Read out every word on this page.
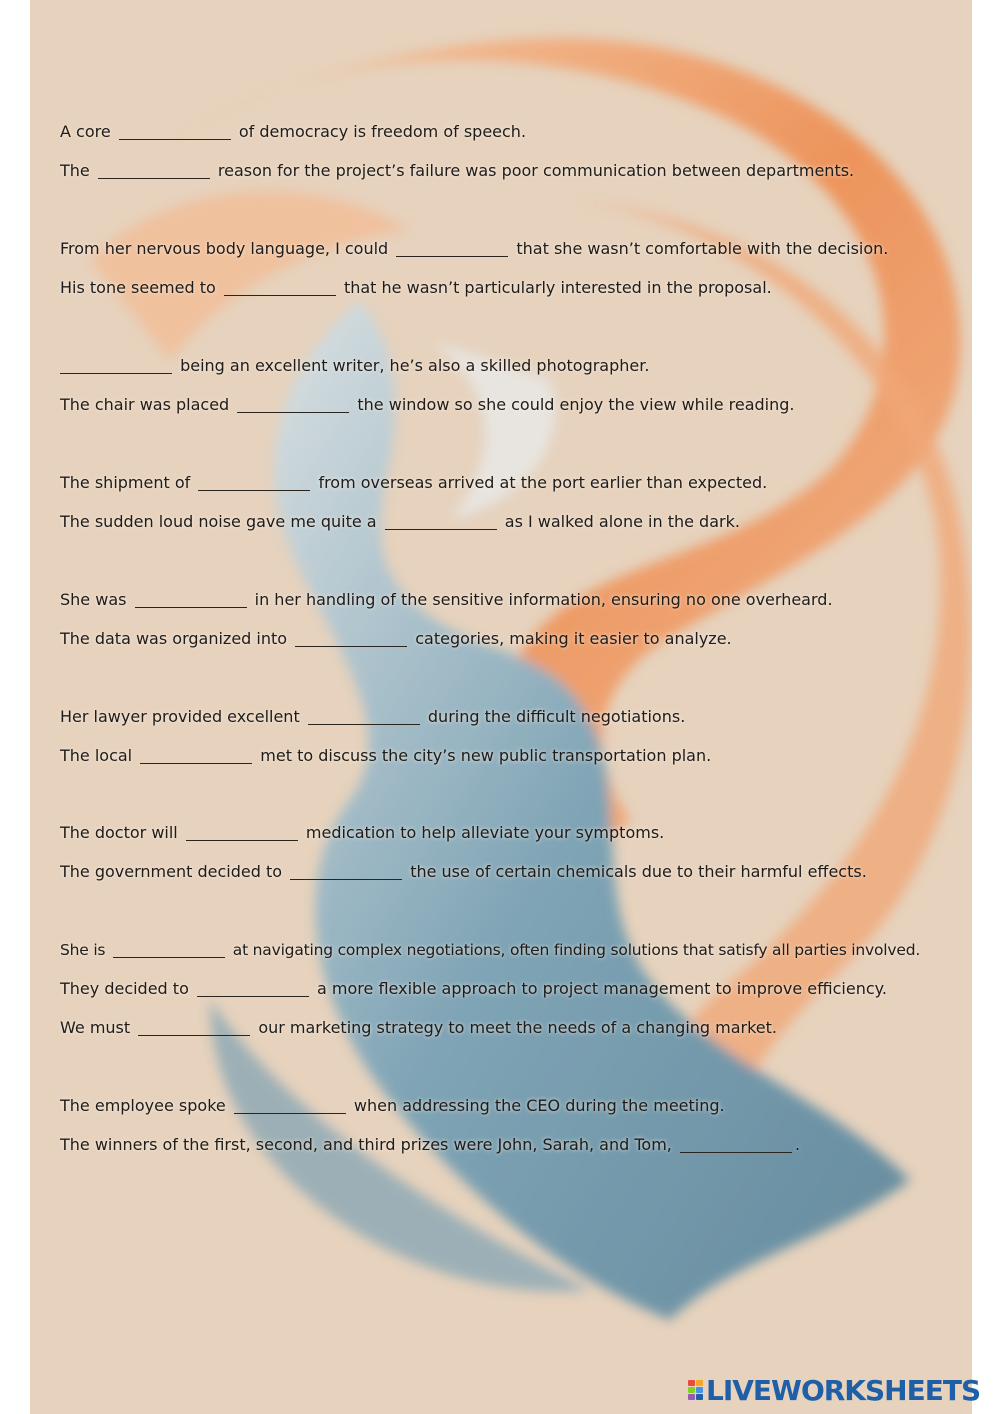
A core	of democracy is freedom of speech.

The	reason for the project’s failure was poor communication between departments.

From her nervous body language, I could	that she wasn’t comfortable with the decision.

His tone seemed to	that he wasn’t particularly interested in the proposal.

being an excellent writer, he’s also a skilled photographer.

The chair was placed	the window so she could enjoy the view while reading.

The shipment of	from overseas arrived at the port earlier than expected.

The sudden loud noise gave me quite a	as I walked alone in the dark.

She was	in her handling of the sensitive information, ensuring no one overheard.

The data was organized into	categories, making it easier to analyze.

Her lawyer provided excellent	during the difficult negotiations.

The local	met to discuss the city’s new public transportation plan.

The doctor will	medication to help alleviate your symptoms.

The government decided to	the use of certain chemicals due to their harmful effects.

She is	at navigating complex negotiations, often finding solutions that satisfy all parties involved.

They decided to	a more flexible approach to project management to improve efficiency.

We must	our marketing strategy to meet the needs of a changing market.

The employee spoke	when addressing the CEO during the meeting.

The winners of the first, second, and third prizes were John, Sarah, and Tom,	.

LIVEWORKSHEETS
